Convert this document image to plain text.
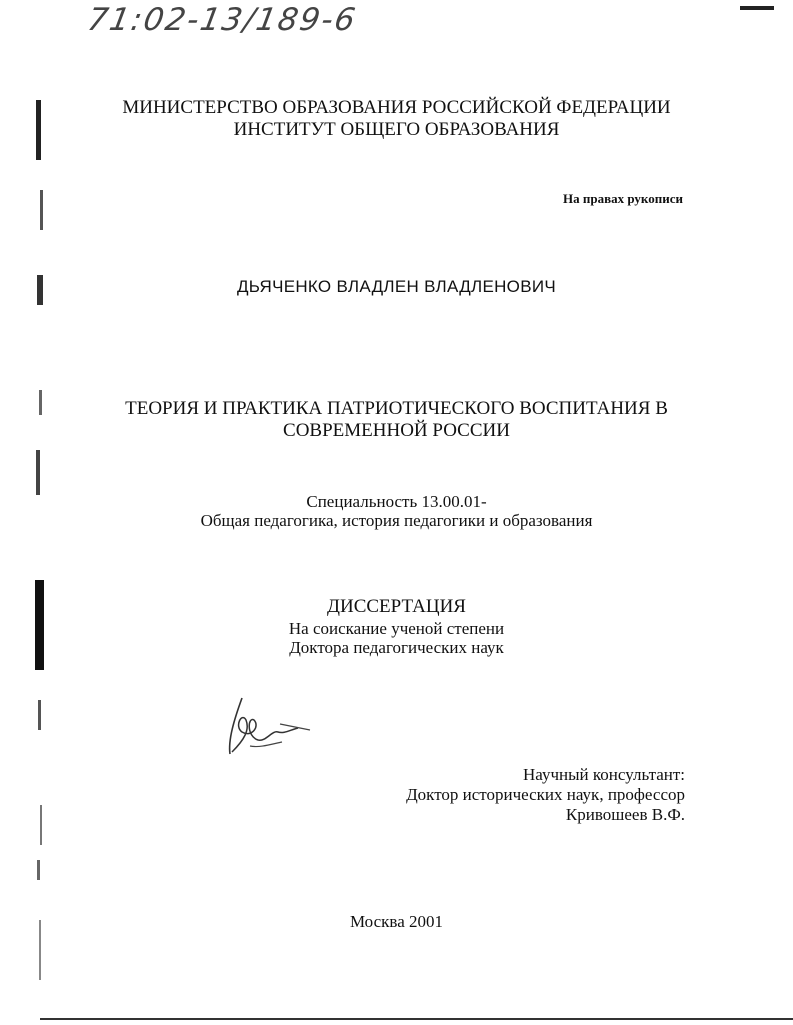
71:02-13/189-6
МИНИСТЕРСТВО ОБРАЗОВАНИЯ РОССИЙСКОЙ ФЕДЕРАЦИИ
ИНСТИТУТ ОБЩЕГО ОБРАЗОВАНИЯ
На правах рукописи
ДЬЯЧЕНКО ВЛАДЛЕН ВЛАДЛЕНОВИЧ
ТЕОРИЯ И ПРАКТИКА ПАТРИОТИЧЕСКОГО ВОСПИТАНИЯ В
СОВРЕМЕННОЙ РОССИИ
Специальность 13.00.01-
Общая педагогика, история педагогики и образования
ДИССЕРТАЦИЯ
На соискание ученой степени
Доктора педагогических наук
Научный консультант:
Доктор исторических наук, профессор
Кривошеев В.Ф.
Москва 2001
